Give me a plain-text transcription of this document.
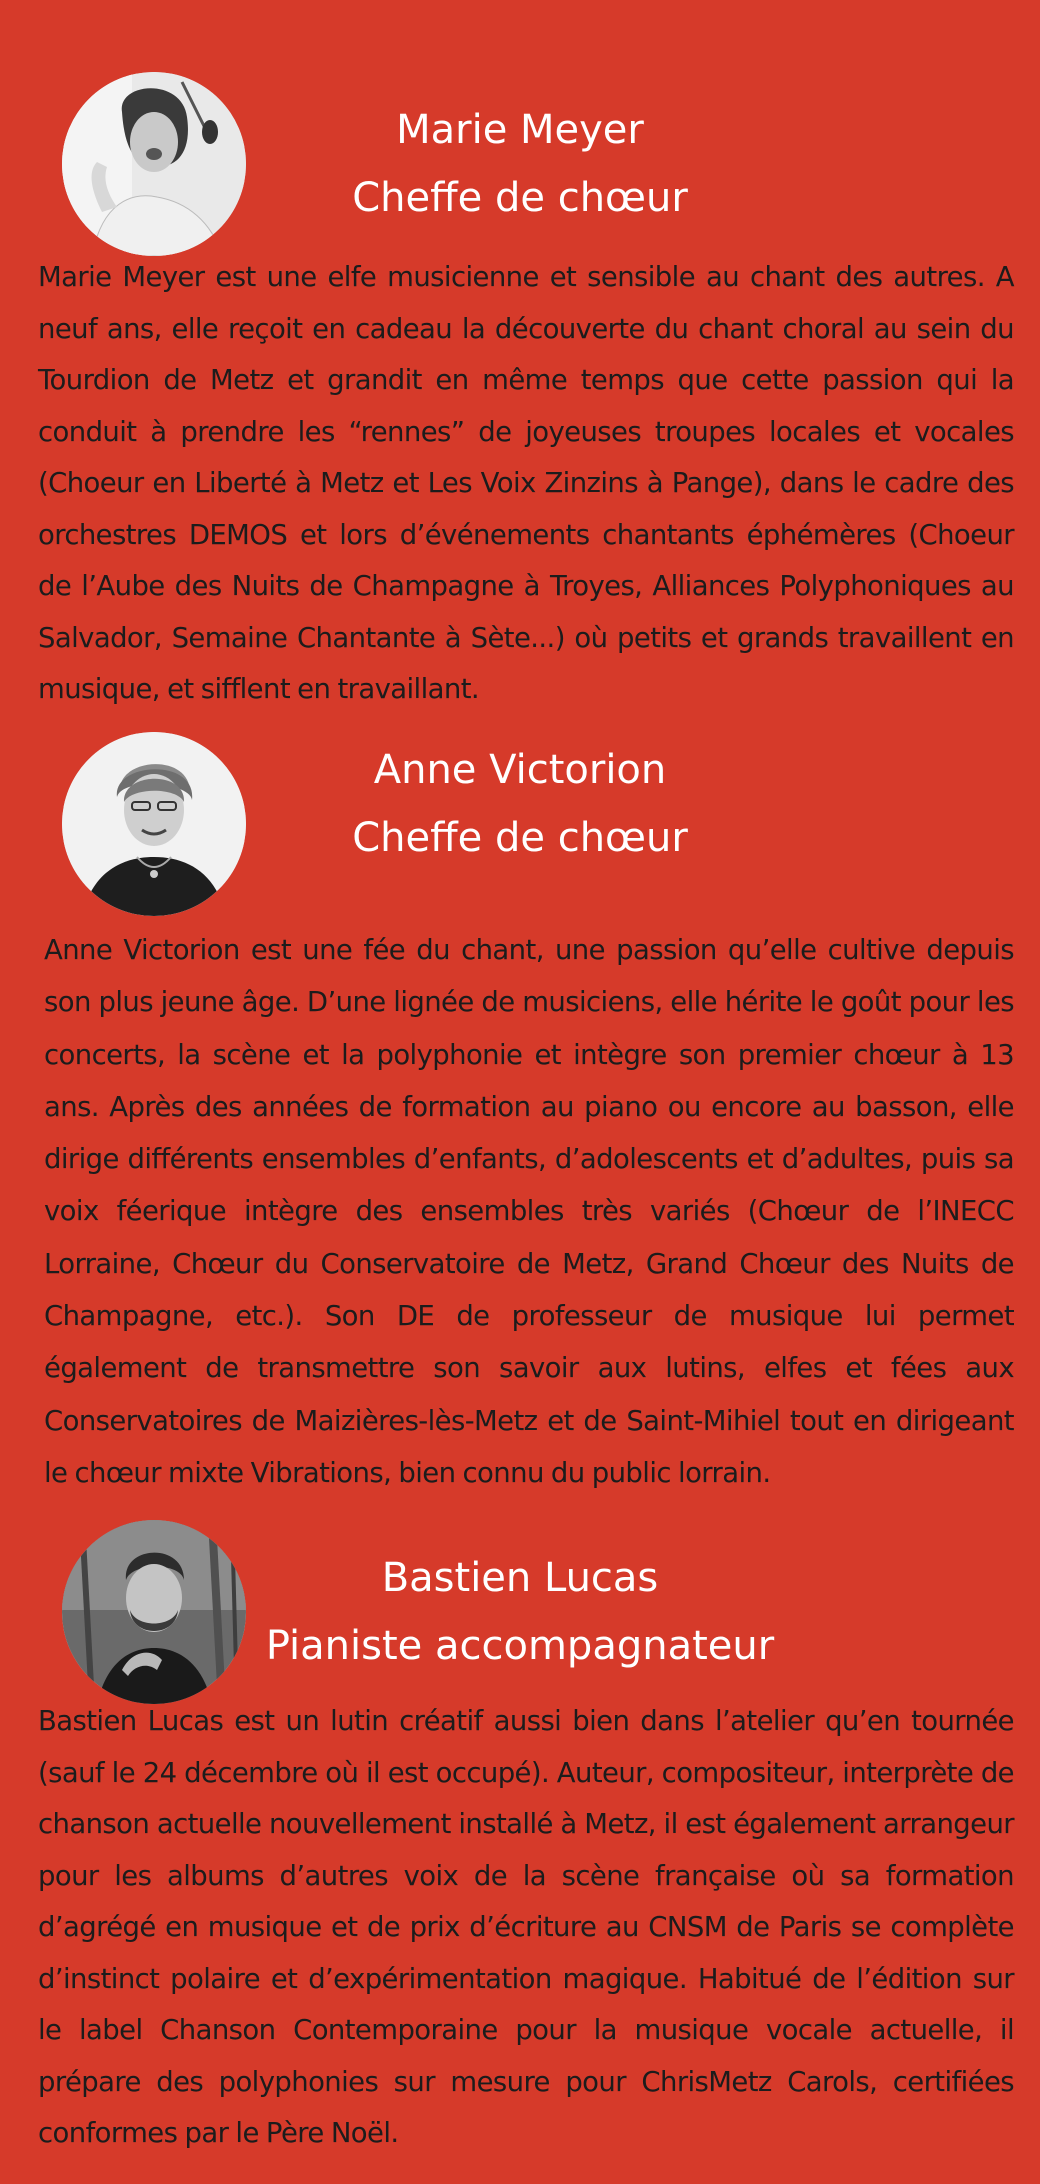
Marie Meyer
Cheffe de chœur

Marie Meyer est une elfe musicienne et sensible au chant des autres. A neuf ans, elle reçoit en cadeau la découverte du chant choral au sein du Tourdion de Metz et grandit en même temps que cette passion qui la conduit à prendre les “rennes” de joyeuses troupes locales et vocales (Choeur en Liberté à Metz et Les Voix Zinzins à Pange), dans le cadre des orchestres DEMOS et lors d’événements chantants éphémères (Choeur de l’Aube des Nuits de Champagne à Troyes, Alliances Polyphoniques au Salvador, Semaine Chantante à Sète...) où petits et grands travaillent en musique, et sifflent en travaillant.

Anne Victorion
Cheffe de chœur

Anne Victorion est une fée du chant, une passion qu’elle cultive depuis son plus jeune âge. D’une lignée de musiciens, elle hérite le goût pour les concerts, la scène et la polyphonie et intègre son premier chœur à 13 ans. Après des années de formation au piano ou encore au basson, elle dirige différents ensembles d’enfants, d’adolescents et d’adultes, puis sa voix féerique intègre des ensembles très variés (Chœur de l’INECC Lorraine, Chœur du Conservatoire de Metz, Grand Chœur des Nuits de Champagne, etc.). Son DE de professeur de musique lui permet également de transmettre son savoir aux lutins, elfes et fées aux Conservatoires de Maizières-lès-Metz et de Saint-Mihiel tout en dirigeant le chœur mixte Vibrations, bien connu du public lorrain.

Bastien Lucas
Pianiste accompagnateur

Bastien Lucas est un lutin créatif aussi bien dans l’atelier qu’en tournée (sauf le 24 décembre où il est occupé). Auteur, compositeur, interprète de chanson actuelle nouvellement installé à Metz, il est également arrangeur pour les albums d’autres voix de la scène française où sa formation d’agrégé en musique et de prix d’écriture au CNSM de Paris se complète d’instinct polaire et d’expérimentation magique. Habitué de l’édition sur le label Chanson Contemporaine pour la musique vocale actuelle, il prépare des polyphonies sur mesure pour ChrisMetz Carols, certifiées conformes par le Père Noël.
